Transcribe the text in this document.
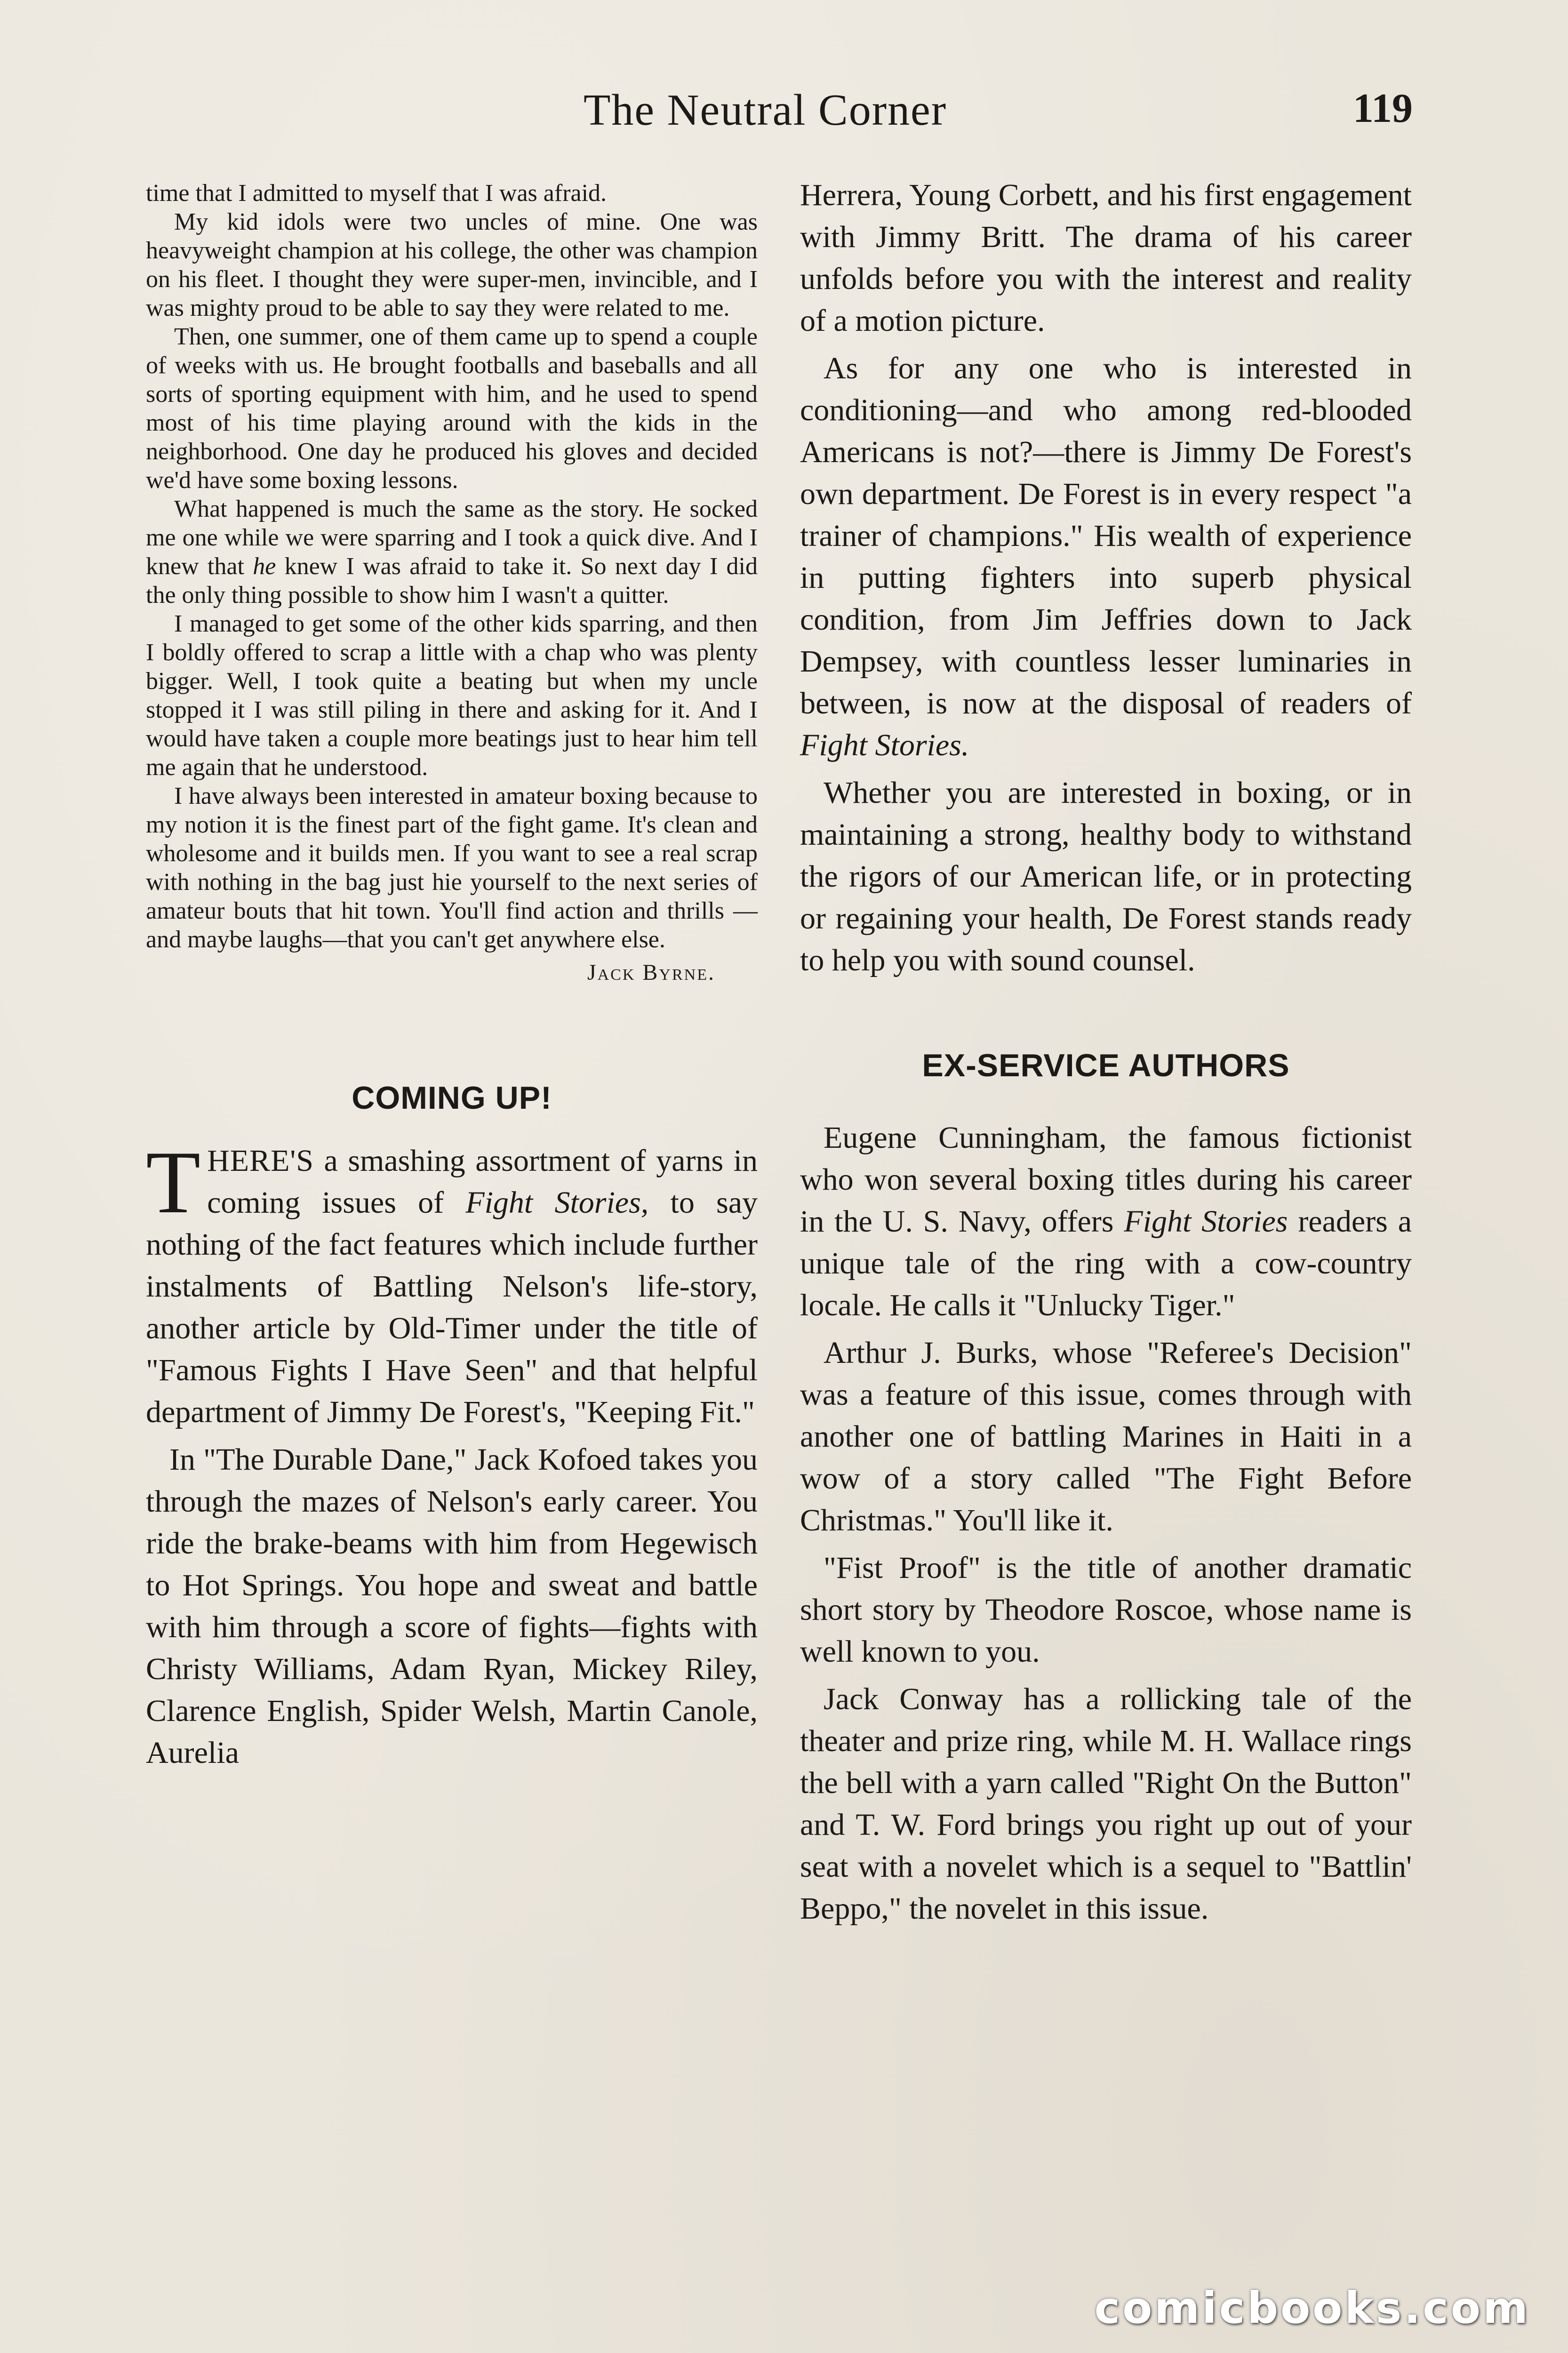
The Neutral Corner	119

time that I admitted to myself that I was afraid.

My kid idols were two uncles of mine. One was heavyweight champion at his college, the other was champion on his fleet. I thought they were super-men, invincible, and I was mighty proud to be able to say they were related to me.

Then, one summer, one of them came up to spend a couple of weeks with us. He brought footballs and baseballs and all sorts of sporting equipment with him, and he used to spend most of his time playing around with the kids in the neighborhood. One day he produced his gloves and decided we'd have some boxing lessons.

What happened is much the same as the story. He socked me one while we were sparring and I took a quick dive. And I knew that he knew I was afraid to take it. So next day I did the only thing possible to show him I wasn't a quitter.

I managed to get some of the other kids sparring, and then I boldly offered to scrap a little with a chap who was plenty bigger. Well, I took quite a beating but when my uncle stopped it I was still piling in there and asking for it. And I would have taken a couple more beatings just to hear him tell me again that he understood.

I have always been interested in amateur boxing because to my notion it is the finest part of the fight game. It's clean and wholesome and it builds men. If you want to see a real scrap with nothing in the bag just hie yourself to the next series of amateur bouts that hit town. You'll find action and thrills —and maybe laughs—that you can't get anywhere else.

Jack Byrne.
COMING UP!

THERE'S a smashing assortment of yarns in coming issues of Fight Stories, to say nothing of the fact features which include further instalments of Battling Nelson's life-story, another article by Old-Timer under the title of "Famous Fights I Have Seen" and that helpful department of Jimmy De Forest's, "Keeping Fit."

In "The Durable Dane," Jack Kofoed takes you through the mazes of Nelson's early career. You ride the brake-beams with him from Hegewisch to Hot Springs. You hope and sweat and battle with him through a score of fights—fights with Christy Williams, Adam Ryan, Mickey Riley, Clarence English, Spider Welsh, Martin Canole, Aurelia

Herrera, Young Corbett, and his first engagement with Jimmy Britt. The drama of his career unfolds before you with the interest and reality of a motion picture.

As for any one who is interested in conditioning—and who among red-blooded Americans is not?—there is Jimmy De Forest's own department. De Forest is in every respect "a trainer of champions." His wealth of experience in putting fighters into superb physical condition, from Jim Jeffries down to Jack Dempsey, with countless lesser luminaries in between, is now at the disposal of readers of Fight Stories.

Whether you are interested in boxing, or in maintaining a strong, healthy body to withstand the rigors of our American life, or in protecting or regaining your health, De Forest stands ready to help you with sound counsel.

EX-SERVICE AUTHORS

Eugene Cunningham, the famous fictionist who won several boxing titles during his career in the U. S. Navy, offers Fight Stories readers a unique tale of the ring with a cow-country locale. He calls it "Unlucky Tiger."

Arthur J. Burks, whose "Referee's Decision" was a feature of this issue, comes through with another one of battling Marines in Haiti in a wow of a story called "The Fight Before Christmas." You'll like it.

"Fist Proof" is the title of another dramatic short story by Theodore Roscoe, whose name is well known to you.

Jack Conway has a rollicking tale of the theater and prize ring, while M. H. Wallace rings the bell with a yarn called "Right On the Button" and T. W. Ford brings you right up out of your seat with a novelet which is a sequel to "Battlin' Beppo," the novelet in this issue.

comicbooks.com
